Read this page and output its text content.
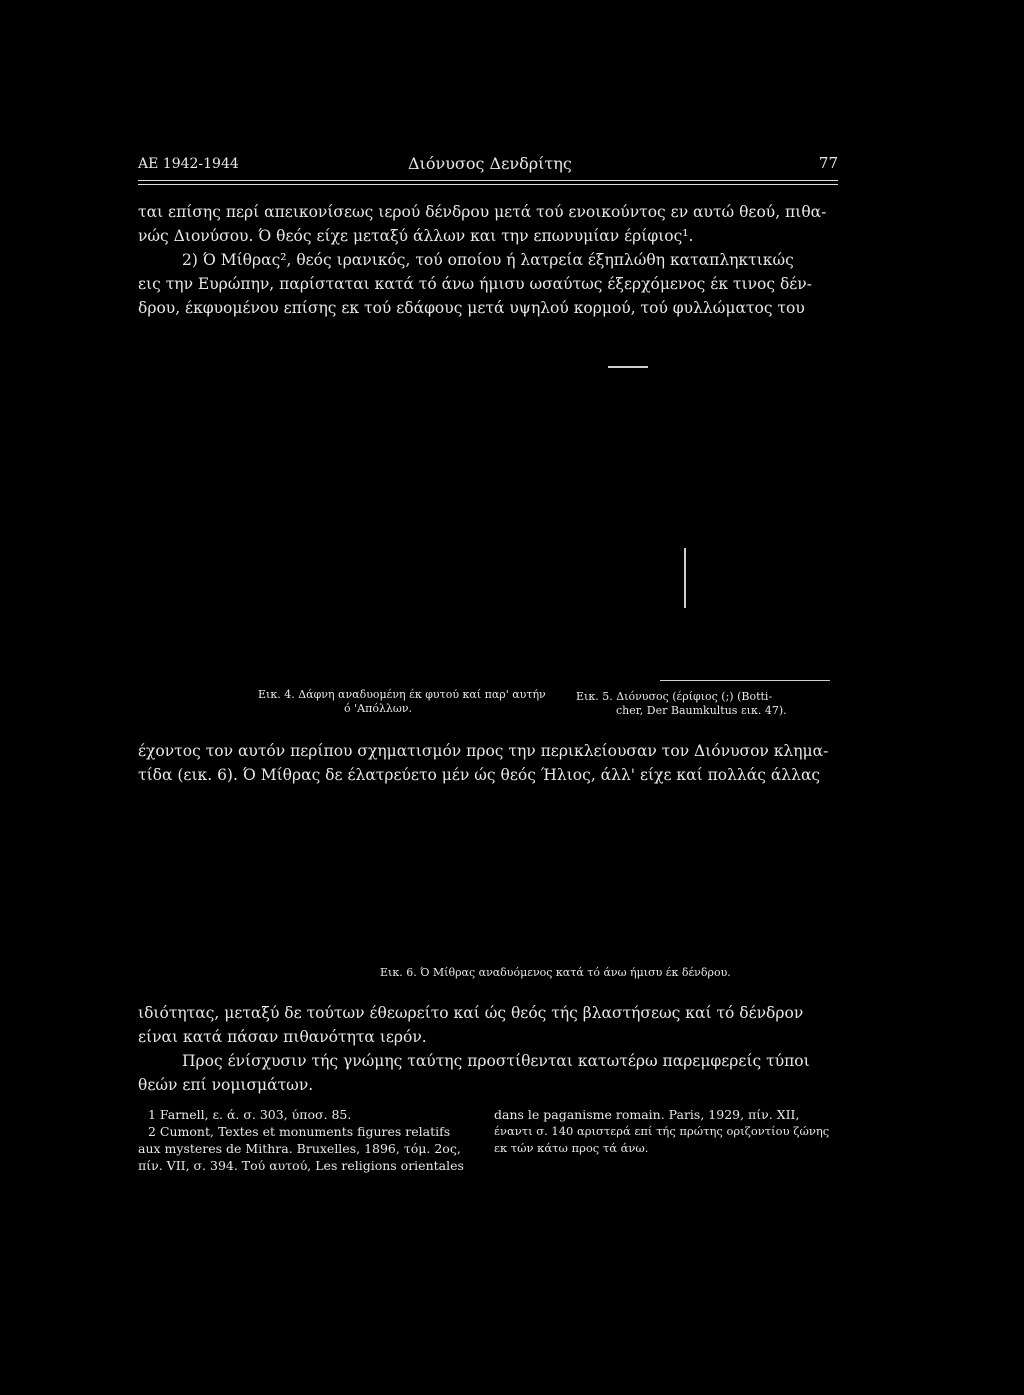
ΑΕ 1942-1944	Διόνυσος Δενδρίτης	77

ται επίσης περί απεικονίσεως ιερού δένδρου μετά τού ενοικούντος εν αυτώ θεού, πιθα-

νώς Διονύσου. Ό θεός είχε μεταξύ άλλων και την επωνυμίαν έρίφιος¹.

2) Ό Μίθρας², θεός ιρανικός, τού οποίου ή λατρεία έξηπλώθη καταπληκτικώς

εις την Ευρώπην, παρίσταται κατά τό άνω ήμισυ ωσαύτως έξερχόμενος έκ τινος δέν-

δρου, έκφυομένου επίσης εκ τού εδάφους μετά υψηλού κορμού, τού φυλλώματος του

Εικ. 4. Δάφνη αναδυομένη έκ φυτού καί παρ' αυτήν
ό 'Απόλλων.
Εικ. 5. Διόνυσος (έρίφιος (;) (Botti-
cher, Der Baumkultus εικ. 47).

έχοντος τον αυτόν περίπου σχηματισμόν προς την περικλείουσαν τον Διόνυσον κλημα-

τίδα (εικ. 6). Ό Μίθρας δε έλατρεύετο μέν ώς θεός Ήλιος, άλλ' είχε καί πολλάς άλλας

Εικ. 6. Ό Μίθρας αναδυόμενος κατά τό άνω ήμισυ έκ δένδρου.

ιδιότητας, μεταξύ δε τούτων έθεωρείτο καί ώς θεός τής βλαστήσεως καί τό δένδρον

είναι κατά πάσαν πιθανότητα ιερόν.

Προς ένίσχυσιν τής γνώμης ταύτης προστίθενται κατωτέρω παρεμφερείς τύποι

θεών επί νομισμάτων.

1 Farnell, ε. ά. σ. 303, ύποσ. 85.

2 Cumont, Textes et monuments figures relatifs

aux mysteres de Mithra. Bruxelles, 1896, τόμ. 2ος,

πίν. VII, σ. 394. Τού αυτού, Les religions orientales

dans le paganisme romain. Paris, 1929, πίν. XII,

έναντι σ. 140 αριστερά επί τής πρώτης οριζοντίου ζώνης

εκ τών κάτω προς τά άνω.
